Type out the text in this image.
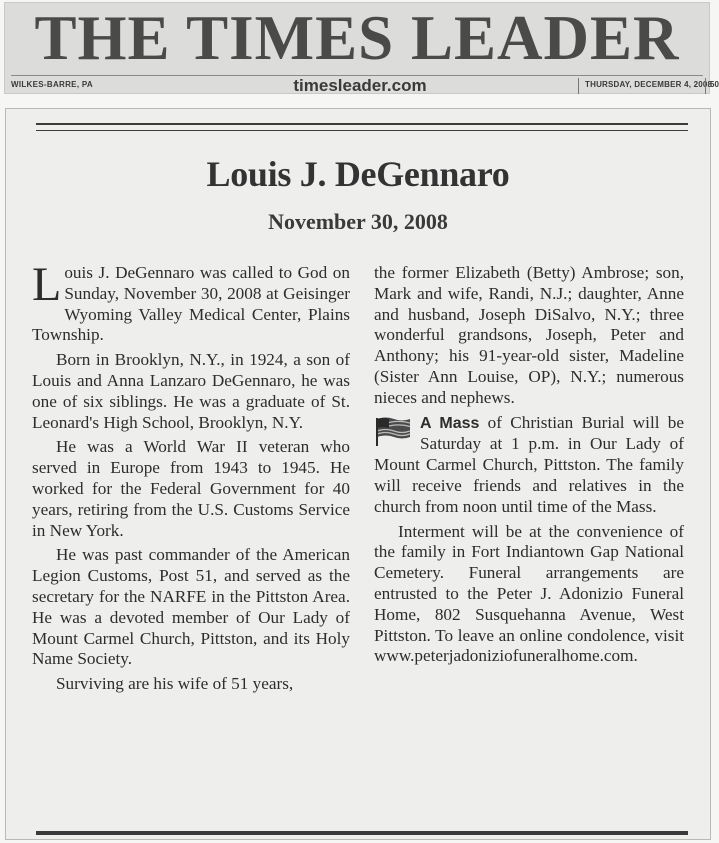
THE TIMES LEADER
WILKES-BARRE, PA	timesleader.com	THURSDAY, DECEMBER 4, 2008
50
Louis J. DeGennaro
November 30, 2008

Louis J. DeGennaro was called to God on Sunday, November 30, 2008 at Geisinger Wyoming Valley Medical Center, Plains Township.

Born in Brooklyn, N.Y., in 1924, a son of Louis and Anna Lanzaro DeGennaro, he was one of six siblings. He was a graduate of St. Leonard's High School, Brooklyn, N.Y.

He was a World War II veteran who served in Europe from 1943 to 1945. He worked for the Federal Government for 40 years, retiring from the U.S. Customs Service in New York.

He was past commander of the American Legion Customs, Post 51, and served as the secretary for the NARFE in the Pittston Area. He was a devoted member of Our Lady of Mount Carmel Church, Pittston, and its Holy Name Society.

Surviving are his wife of 51 years,

the former Elizabeth (Betty) Ambrose; son, Mark and wife, Randi, N.J.; daughter, Anne and husband, Joseph DiSalvo, N.Y.; three wonderful grandsons, Joseph, Peter and Anthony; his 91-year-old sister, Madeline (Sister Ann Louise, OP), N.Y.; numerous nieces and nephews.

A Mass of Christian Burial will be Saturday at 1 p.m. in Our Lady of Mount Carmel Church, Pittston. The family will receive friends and relatives in the church from noon until time of the Mass.

Interment will be at the convenience of the family in Fort Indiantown Gap National Cemetery. Funeral arrangements are entrusted to the Peter J. Adonizio Funeral Home, 802 Susquehanna Avenue, West Pittston. To leave an online condolence, visit www.peterjadoniziofuneralhome.com.
